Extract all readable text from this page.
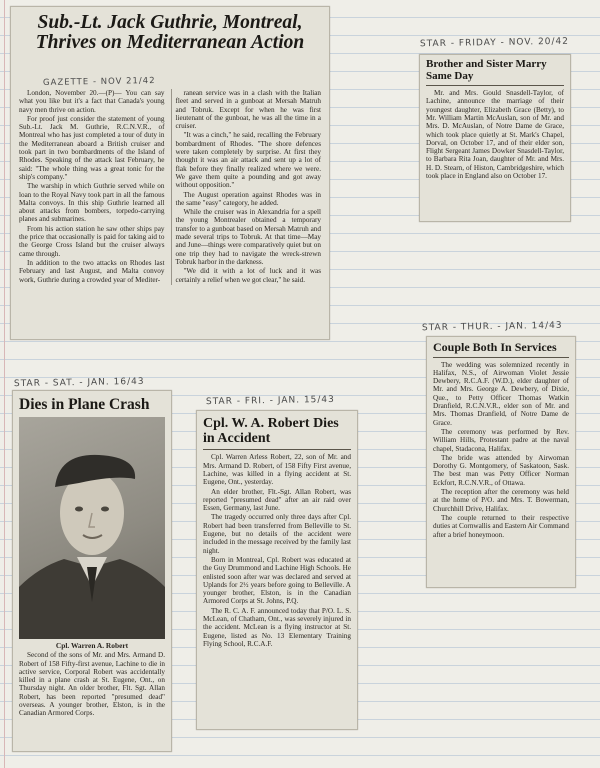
Sub.-Lt. Jack Guthrie, Montreal, Thrives on Mediterranean Action
GAZETTE - NOV 21/42

London, November 20.—(P)— You can say what you like but it's a fact that Canada's young navy men thrive on action.

For proof just consider the statement of young Sub.-Lt. Jack M. Guthrie, R.C.N.V.R., of Montreal who has just completed a tour of duty in the Mediterranean aboard a British cruiser and took part in two bombardments of the Island of Rhodes. Speaking of the attack last February, he said: "The whole thing was a great tonic for the ship's company."

The warship in which Guthrie served while on loan to the Royal Navy took part in all the famous Malta convoys. In this ship Guthrie learned all about attacks from bombers, torpedo-carrying planes and submarines.

From his action station he saw other ships pay the price that occasionally is paid for taking aid to the George Cross Island but the cruiser always came through.

In addition to the two attacks on Rhodes last February and last August, and Malta convoy work, Guthrie during a crowded year of Mediter-

ranean service was in a clash with the Italian fleet and served in a gunboat at Mersah Matruh and Tobruk. Except for when he was first lieutenant of the gunboat, he was all the time in a cruiser.

"It was a cinch," he said, recalling the February bombardment of Rhodes. "The shore defences were taken completely by surprise. At first they thought it was an air attack and sent up a lot of flak before they finally realized where we were. We gave them quite a pounding and got away without opposition."

The August operation against Rhodes was in the same "easy" category, he added.

While the cruiser was in Alexandria for a spell the young Montrealer obtained a temporary transfer to a gunboat based on Mersah Matruh and made several trips to Tobruk. At that time—May and June—things were comparatively quiet but on one trip they had to navigate the wreck-strewn Tobruk harbor in the darkness.

"We did it with a lot of luck and it was certainly a relief when we got clear," he said.

STAR - FRIDAY - NOV. 20/42
Brother and Sister Marry Same Day

Mr. and Mrs. Gould Snasdell-Taylor, of Lachine, announce the marriage of their youngest daughter, Elizabeth Grace (Betty), to Mr. William Martin McAuslan, son of Mr. and Mrs. D. McAuslan, of Notre Dame de Grace, which took place quietly at St. Mark's Chapel, Dorval, on October 17, and of their elder son, Flight Sergeant James Dowker Snasdell-Taylor, to Barbara Rita Joan, daughter of Mr. and Mrs. H. D. Stearn, of Histon, Cambridgeshire, which took place in England also on October 17.

STAR - THUR. - JAN. 14/43
Couple Both In Services

The wedding was solemnized recently in Halifax, N.S., of Airwoman Violet Jessie Dewbery, R.C.A.F. (W.D.), elder daughter of Mr. and Mrs. George A. Dewbery, of Dixie, Que., to Petty Officer Thomas Watkin Dranfield, R.C.N.V.R., elder son of Mr. and Mrs. Thomas Dranfield, of Notre Dame de Grace.

The ceremony was performed by Rev. William Hills, Protestant padre at the naval chapel, Stadacona, Halifax.

The bride was attended by Airwoman Dorothy G. Montgomery, of Saskatoon, Sask. The best man was Petty Officer Norman Eckfort, R.C.N.V.R., of Ottawa.

The reception after the ceremony was held at the home of P/O. and Mrs. T. Bowerman, Churchhill Drive, Halifax.

The couple returned to their respective duties at Cornwallis and Eastern Air Command after a brief honeymoon.

STAR - SAT. - JAN. 16/43
Dies in Plane Crash
Cpl. Warren A. Robert

Second of the sons of Mr. and Mrs. Armand D. Robert of 158 Fifty-first avenue, Lachine to die in active service, Corporal Robert was accidentally killed in a plane crash at St. Eugene, Ont., on Thursday night. An older brother, Flt. Sgt. Allan Robert, has been reported "presumed dead" overseas. A younger brother, Elston, is in the Canadian Armored Corps.

STAR - FRI. - JAN. 15/43
Cpl. W. A. Robert Dies in Accident

Cpl. Warren Arless Robert, 22, son of Mr. and Mrs. Armand D. Robert, of 158 Fifty First avenue, Lachine, was killed in a flying accident at St. Eugene, Ont., yesterday.

An elder brother, Flt.-Sgt. Allan Robert, was reported "presumed dead" after an air raid over Essen, Germany, last June.

The tragedy occurred only three days after Cpl. Robert had been transferred from Belleville to St. Eugene, but no details of the accident were included in the message received by the family last night.

Born in Montreal, Cpl. Robert was educated at the Guy Drummond and Lachine High Schools. He enlisted soon after war was declared and served at Uplands for 2½ years before going to Belleville. A younger brother, Elston, is in the Canadian Armored Corps at St. Johns, P.Q.

The R. C. A. F. announced today that P/O. L. S. McLean, of Chatham, Ont., was severely injured in the accident. McLean is a flying instructor at St. Eugene, listed as No. 13 Elementary Training Flying School, R.C.A.F.
